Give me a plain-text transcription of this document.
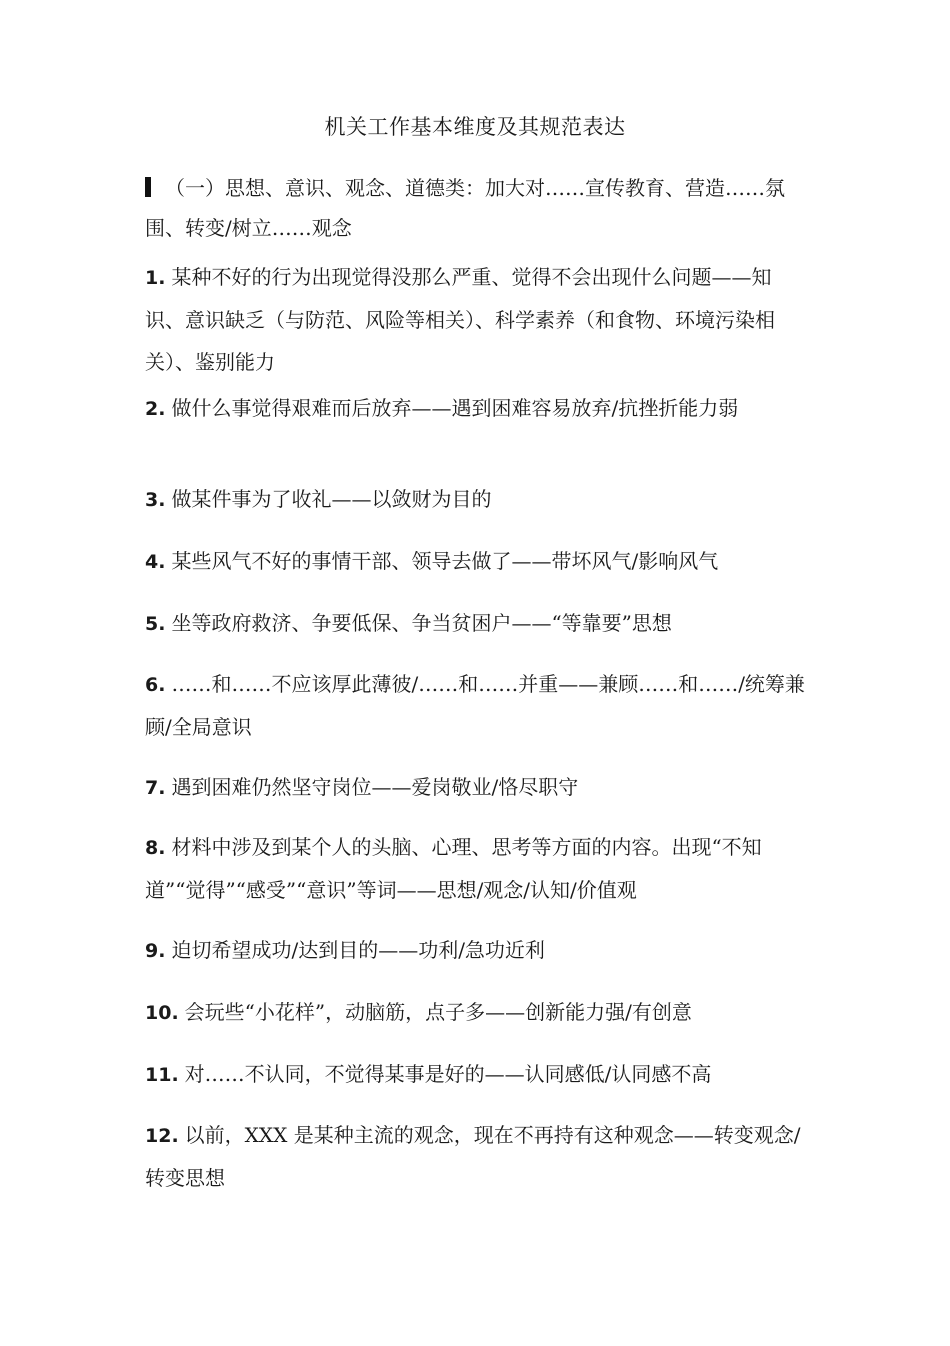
机关工作基本维度及其规范表达
（一）思想、意识、观念、道德类：加大对……宣传教育、营造……氛围、转变/树立……观念
1. 某种不好的行为出现觉得没那么严重、觉得不会出现什么问题——知识、意识缺乏（与防范、风险等相关）、科学素养（和食物、环境污染相关）、鉴别能力
2. 做什么事觉得艰难而后放弃——遇到困难容易放弃/抗挫折能力弱
3. 做某件事为了收礼——以敛财为目的
4. 某些风气不好的事情干部、领导去做了——带坏风气/影响风气
5. 坐等政府救济、争要低保、争当贫困户——“等靠要”思想
6. ……和……不应该厚此薄彼/……和……并重——兼顾……和……/统筹兼顾/全局意识
7. 遇到困难仍然坚守岗位——爱岗敬业/恪尽职守
8. 材料中涉及到某个人的头脑、心理、思考等方面的内容。出现“不知道”“觉得”“感受”“意识”等词——思想/观念/认知/价值观
9. 迫切希望成功/达到目的——功利/急功近利
10. 会玩些“小花样”，动脑筋，点子多——创新能力强/有创意
11. 对……不认同，不觉得某事是好的——认同感低/认同感不高
12. 以前，XXX 是某种主流的观念，现在不再持有这种观念——转变观念/转变思想
